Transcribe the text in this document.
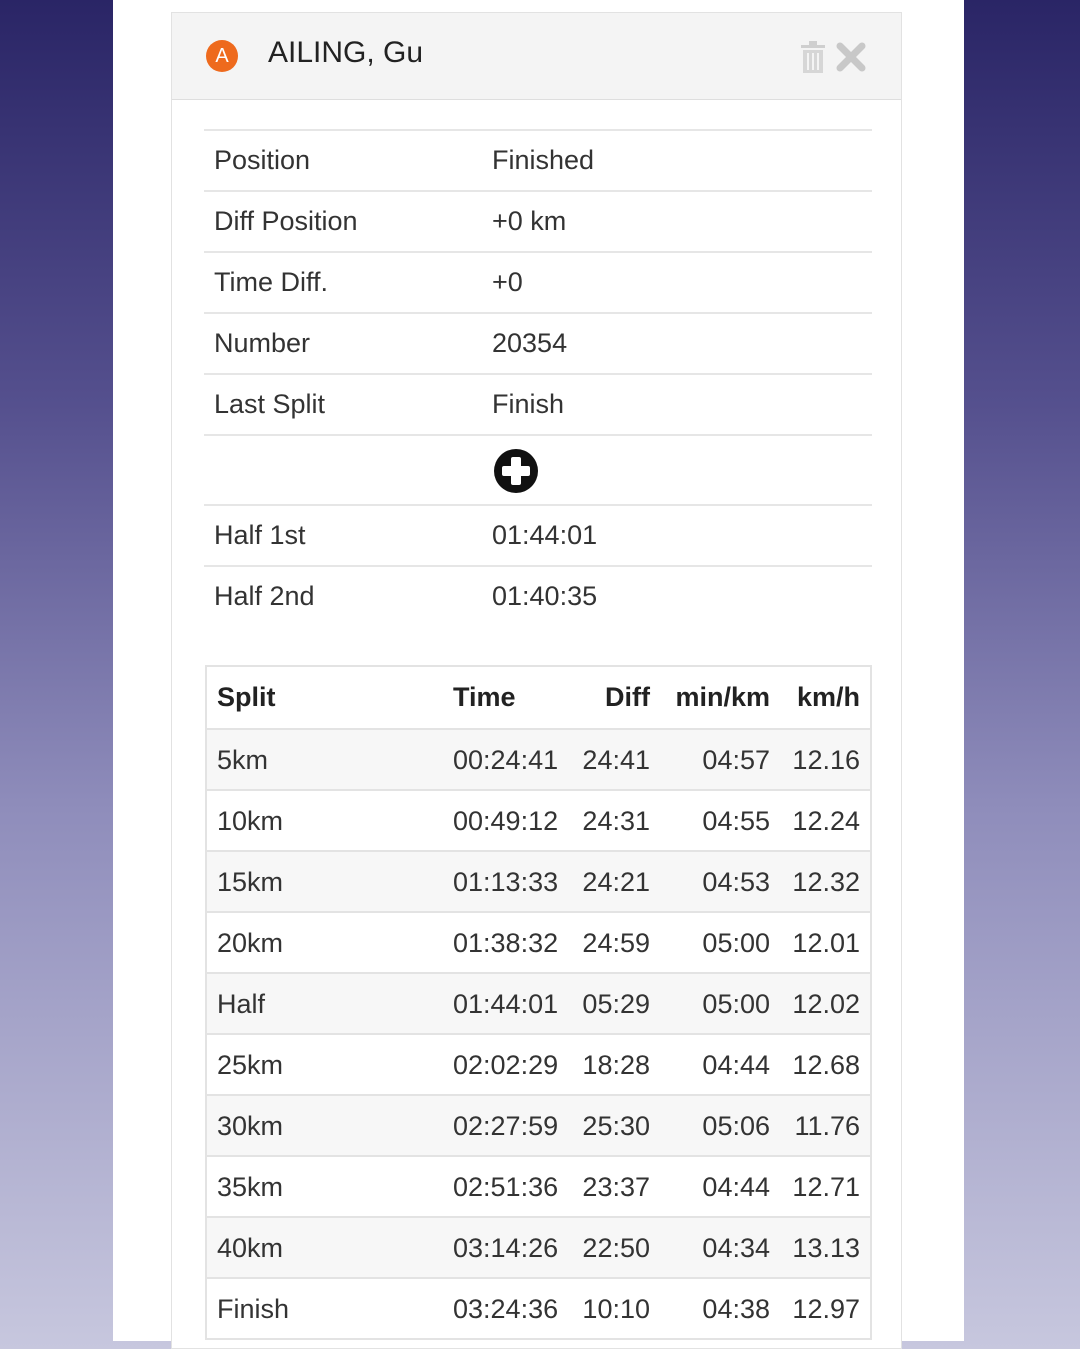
A	AILING, Gu
Position	Finished
Diff Position	+0 km
Time Diff.	+0
Number	20354
Last Split	Finish
Half 1st	01:44:01
Half 2nd	01:40:35
Split	Time	Diff min/km km/h
5km	00:24:41 24:41 04:57 12.16
10km	00:49:12 24:31 04:55 12.24
15km	01:13:33 24:21 04:53 12.32
20km	01:38:32 24:59 05:00 12.01
Half	01:44:01 05:29 05:00 12.02
25km	02:02:29 18:28 04:44 12.68
30km	02:27:59 25:30 05:06 11.76
35km	02:51:36 23:37 04:44 12.71
40km	03:14:26 22:50 04:34 13.13
Finish	03:24:36 10:10 04:38 12.97
